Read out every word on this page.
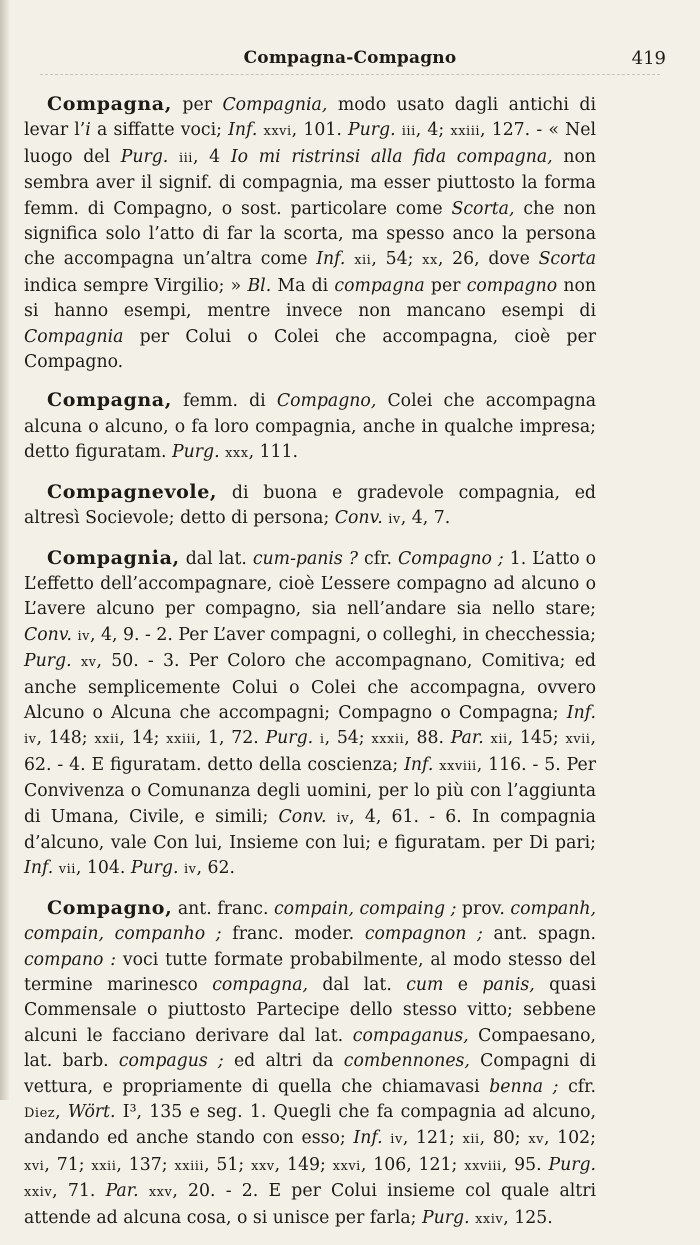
Compagna-Compagno	419

Compagna, per Compagnia, modo usato dagli antichi di levar l’i a siffatte voci; Inf. xxvi, 101. Purg. iii, 4; xxiii, 127. - « Nel luogo del Purg. iii, 4 Io mi ristrinsi alla fida compagna, non sembra aver il signif. di compagnia, ma esser piuttosto la forma femm. di Compagno, o sost. particolare come Scorta, che non significa solo l’atto di far la scorta, ma spesso anco la persona che accompagna un’altra come Inf. xii, 54; xx, 26, dove Scorta indica sempre Virgilio; » Bl. Ma di compagna per compagno non si hanno esempi, mentre invece non mancano esempi di Compagnia per Colui o Colei che accompagna, cioè per Compagno.

Compagna, femm. di Compagno, Colei che accompagna alcuna o alcuno, o fa loro compagnia, anche in qualche impresa; detto figuratam. Purg. xxx, 111.

Compagnevole, di buona e gradevole compagnia, ed altresì Socievole; detto di persona; Conv. iv, 4, 7.

Compagnia, dal lat. cum-panis ? cfr. Compagno ; 1. L’atto o L’effetto dell’accompagnare, cioè L’essere compagno ad alcuno o L’avere alcuno per compagno, sia nell’andare sia nello stare; Conv. iv, 4, 9. - 2. Per L’aver compagni, o colleghi, in checchessia; Purg. xv, 50. - 3. Per Coloro che accompagnano, Comitiva; ed anche semplicemente Colui o Colei che accompagna, ovvero Alcuno o Alcuna che accompagni; Compagno o Compagna; Inf. iv, 148; xxii, 14; xxiii, 1, 72. Purg. i, 54; xxxii, 88. Par. xii, 145; xvii, 62. - 4. E figuratam. detto della coscienza; Inf. xxviii, 116. - 5. Per Convivenza o Comunanza degli uomini, per lo più con l’aggiunta di Umana, Civile, e simili; Conv. iv, 4, 61. - 6. In compagnia d’alcuno, vale Con lui, Insieme con lui; e figuratam. per Di pari; Inf. vii, 104. Purg. iv, 62.

Compagno, ant. franc. compain, compaing ; prov. companh, compain, companho ; franc. moder. compagnon ; ant. spagn. compano : voci tutte formate probabilmente, al modo stesso del termine marinesco compagna, dal lat. cum e panis, quasi Commensale o piuttosto Partecipe dello stesso vitto; sebbene alcuni le facciano derivare dal lat. compaganus, Compaesano, lat. barb. compagus ; ed altri da combennones, Compagni di vettura, e propriamente di quella che chiamavasi benna ; cfr. Diez, Wört. I³, 135 e seg. 1. Quegli che fa compagnia ad alcuno, andando ed anche stando con esso; Inf. iv, 121; xii, 80; xv, 102; xvi, 71; xxii, 137; xxiii, 51; xxv, 149; xxvi, 106, 121; xxviii, 95. Purg. xxiv, 71. Par. xxv, 20. - 2. E per Colui insieme col quale altri attende ad alcuna cosa, o si unisce per farla; Purg. xxiv, 125.
